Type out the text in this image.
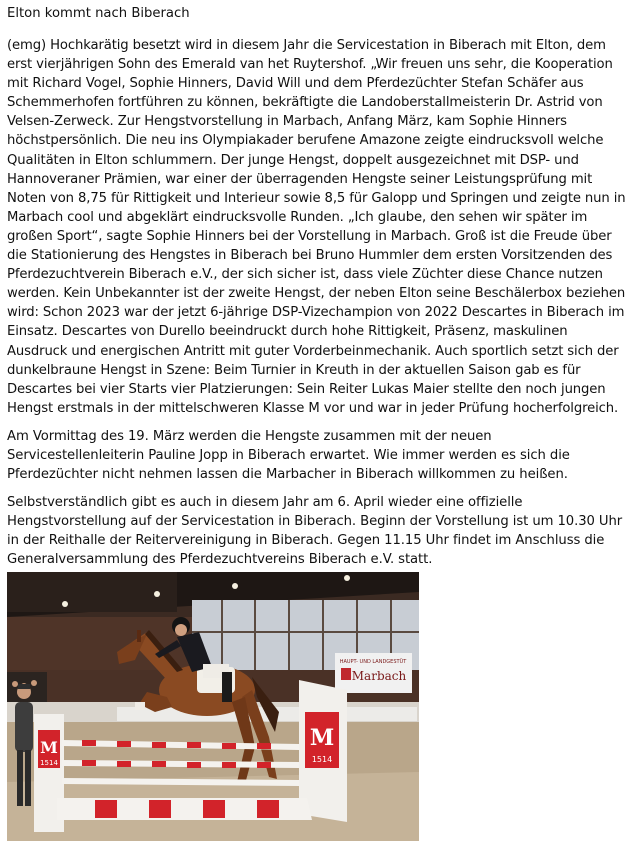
Elton kommt nach Biberach

(emg) Hochkarätig besetzt wird in diesem Jahr die Servicestation in Biberach mit Elton, dem erst vierjährigen Sohn des Emerald van het Ruytershof. „Wir freuen uns sehr, die Kooperation mit Richard Vogel, Sophie Hinners, David Will und dem Pferdezüchter Stefan Schäfer aus Schemmerhofen fortführen zu können, bekräftigte die Landoberstallmeisterin Dr. Astrid von Velsen-Zerweck. Zur Hengstvorstellung in Marbach, Anfang März, kam Sophie Hinners höchstpersönlich. Die neu ins Olympiakader berufene Amazone zeigte eindrucksvoll welche Qualitäten in Elton schlummern. Der junge Hengst, doppelt ausgezeichnet mit DSP- und Hannoveraner Prämien, war einer der überragenden Hengste seiner Leistungsprüfung mit Noten von 8,75 für Rittigkeit und Interieur sowie 8,5 für Galopp und Springen und zeigte nun in Marbach cool und abgeklärt eindrucksvolle Runden. „Ich glaube, den sehen wir später im großen Sport“, sagte Sophie Hinners bei der Vorstellung in Marbach. Groß ist die Freude über die Stationierung des Hengstes in Biberach bei Bruno Hummler dem ersten Vorsitzenden des Pferdezuchtverein Biberach e.V., der sich sicher ist, dass viele Züchter diese Chance nutzen werden. Kein Unbekannter ist der zweite Hengst, der neben Elton seine Beschälerbox beziehen wird: Schon 2023 war der jetzt 6-jährige DSP-Vizechampion von 2022 Descartes in Biberach im Einsatz. Descartes von Durello beeindruckt durch hohe Rittigkeit, Präsenz, maskulinen Ausdruck und energischen Antritt mit guter Vorderbeinmechanik. Auch sportlich setzt sich der dunkelbraune Hengst in Szene: Beim Turnier in Kreuth in der aktuellen Saison gab es für Descartes bei vier Starts vier Platzierungen: Sein Reiter Lukas Maier stellte den noch jungen Hengst erstmals in der mittelschweren Klasse M vor und war in jeder Prüfung hocherfolgreich.

Am Vormittag des 19. März werden die Hengste zusammen mit der neuen Servicestellenleiterin Pauline Jopp in Biberach erwartet. Wie immer werden es sich die Pferdezüchter nicht nehmen lassen die Marbacher in Biberach willkommen zu heißen.

Selbstverständlich gibt es auch in diesem Jahr am 6. April wieder eine offizielle Hengstvorstellung auf der Servicestation in Biberach. Beginn der Vorstellung ist um 10.30 Uhr in der Reithalle der Reitervereinigung in Biberach. Gegen 11.15 Uhr findet im Anschluss die Generalversammlung des Pferdezuchtvereins Biberach e.V. statt.

HAUPT- UND LANDGESTÜT
Marbach
M
1514
M
1514
